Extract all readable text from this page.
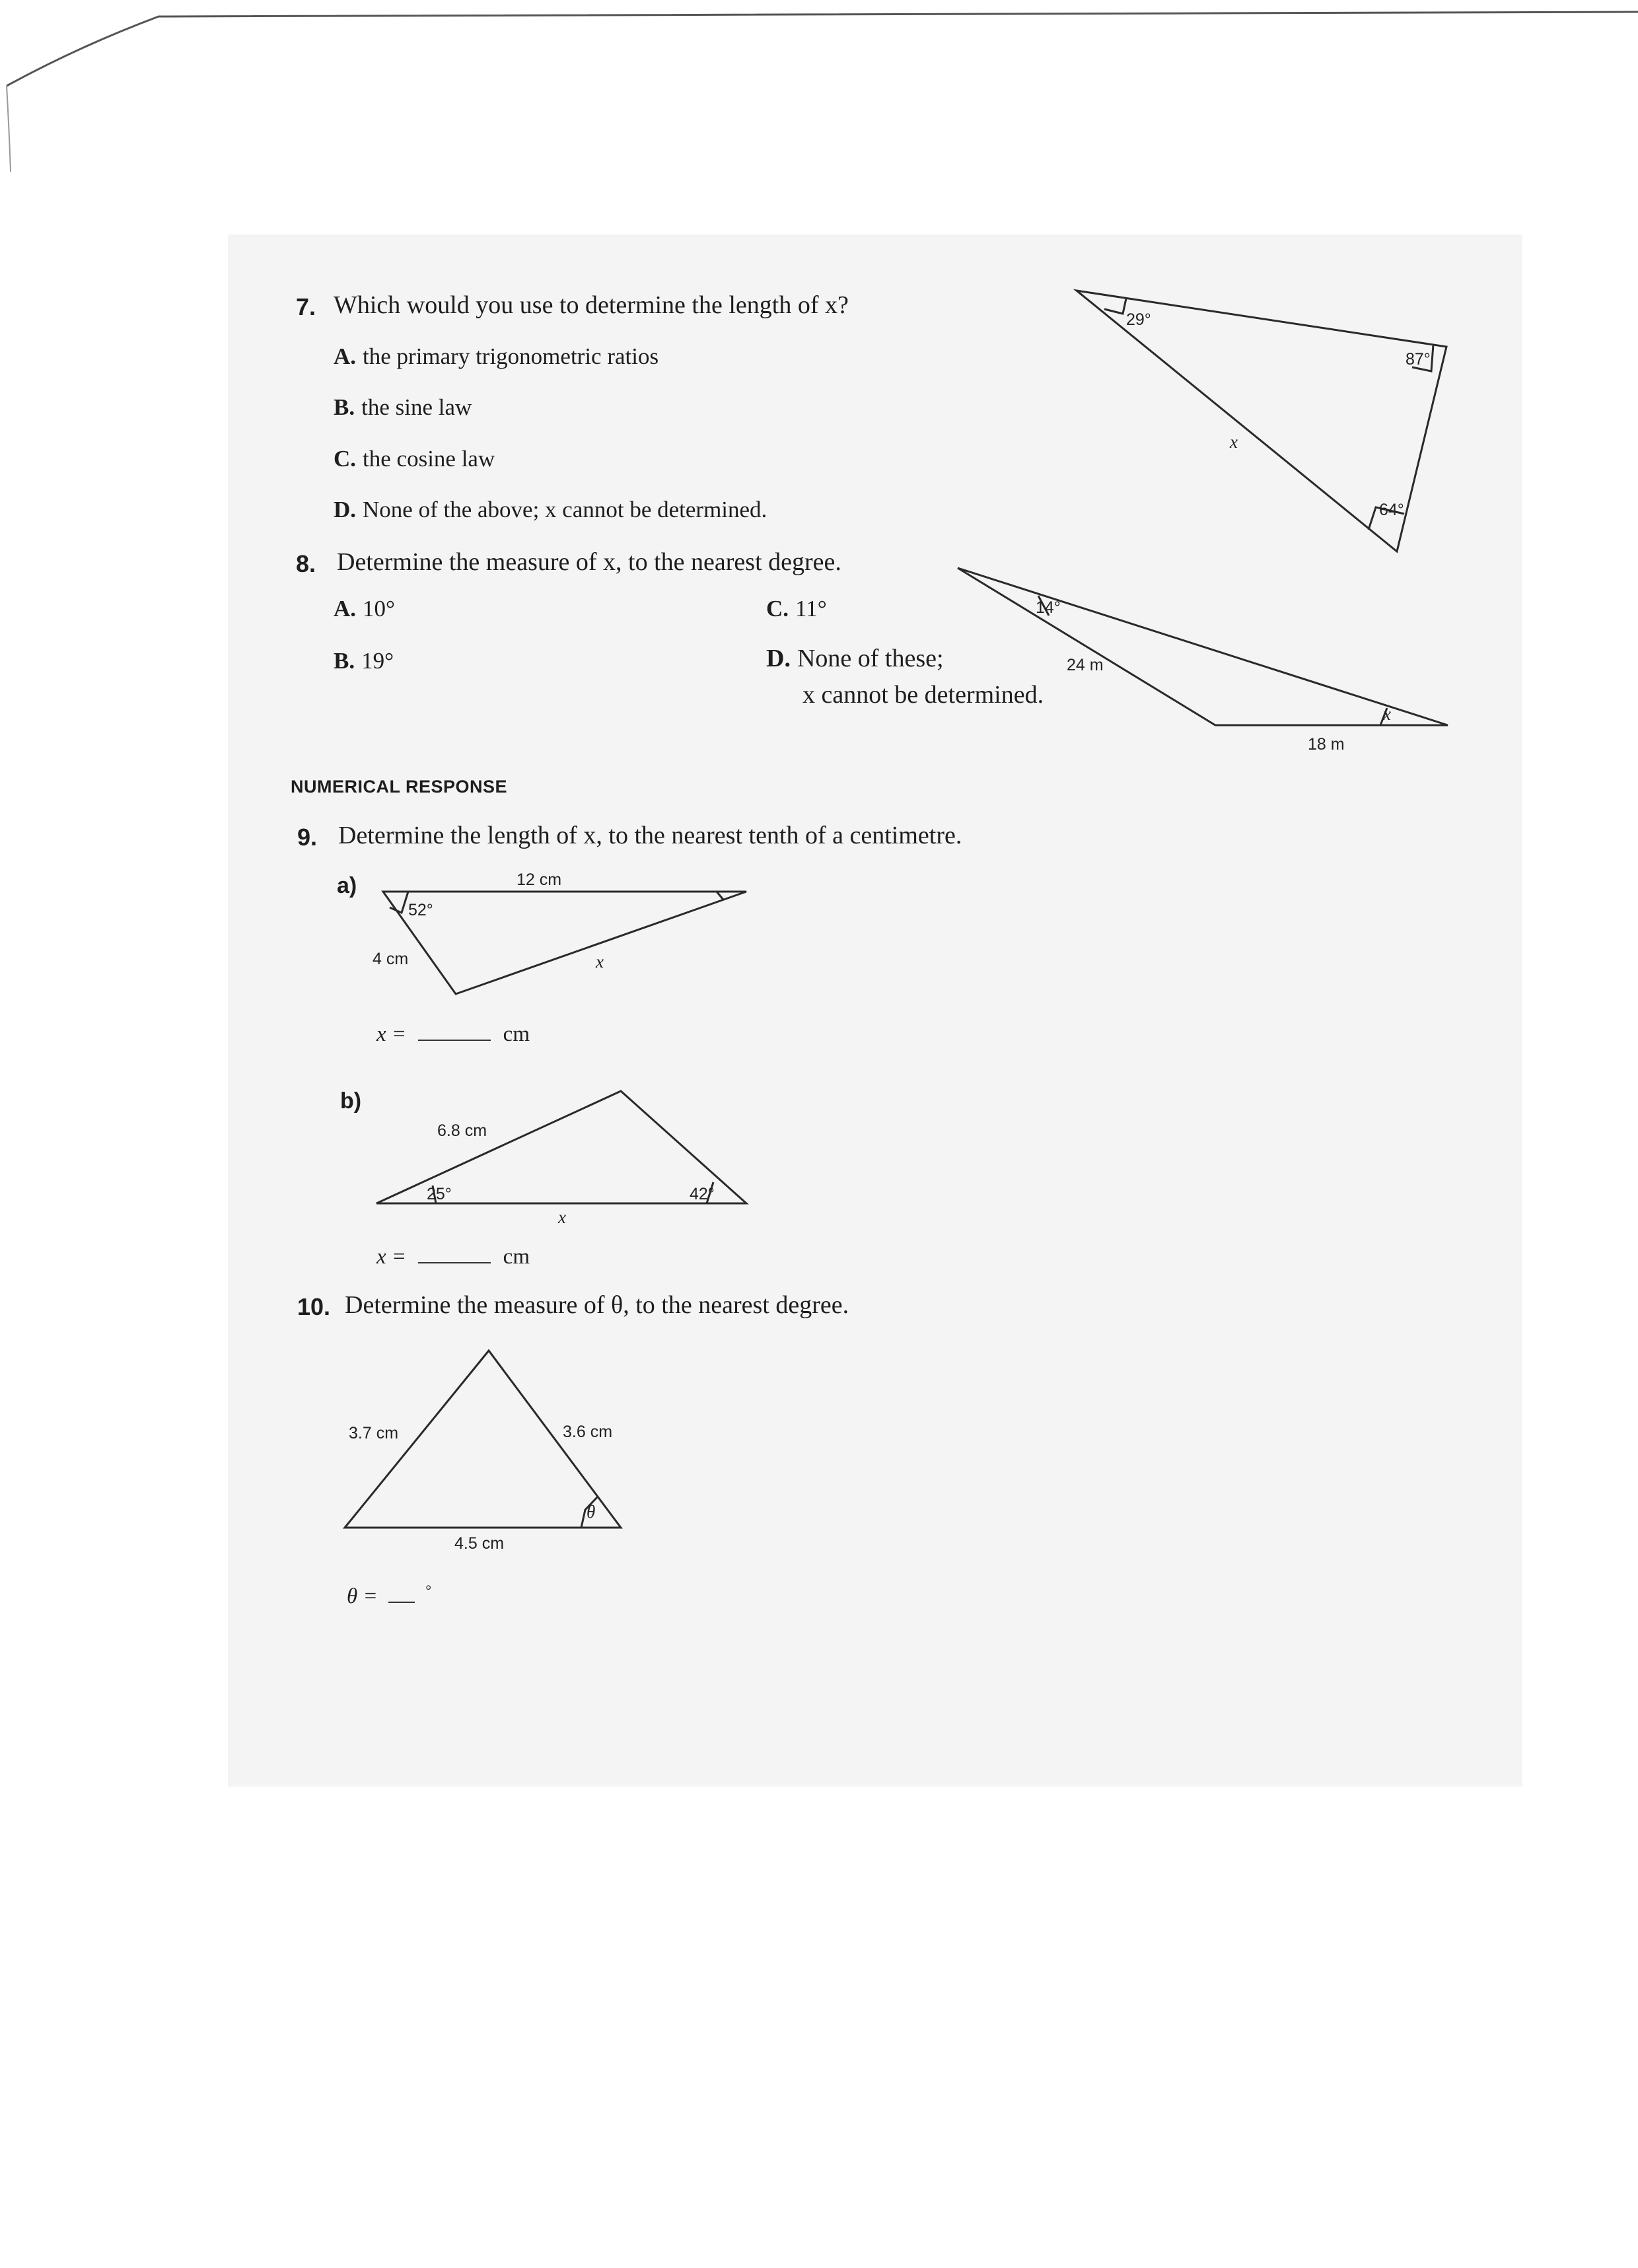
7. Which would you use to determine the length of x?
A. the primary trigonometric ratios
B. the sine law
C. the cosine law
D. None of the above; x cannot be determined.
29°
87°
64°
x
8. Determine the measure of x, to the nearest degree.
A. 10°
B. 19°
C. 11°
D. None of these;
x cannot be determined.
14°
24 m
18 m
x
NUMERICAL RESPONSE
9. Determine the length of x, to the nearest tenth of a centimetre.
a)	12 cm
52°
4 cm	x
x =	cm
b)
6.8 cm
25°	42°
x
x =	cm
10. Determine the measure of θ, to the nearest degree.
3.7 cm	3.6 cm
4.5 cm
θ
θ =	°
